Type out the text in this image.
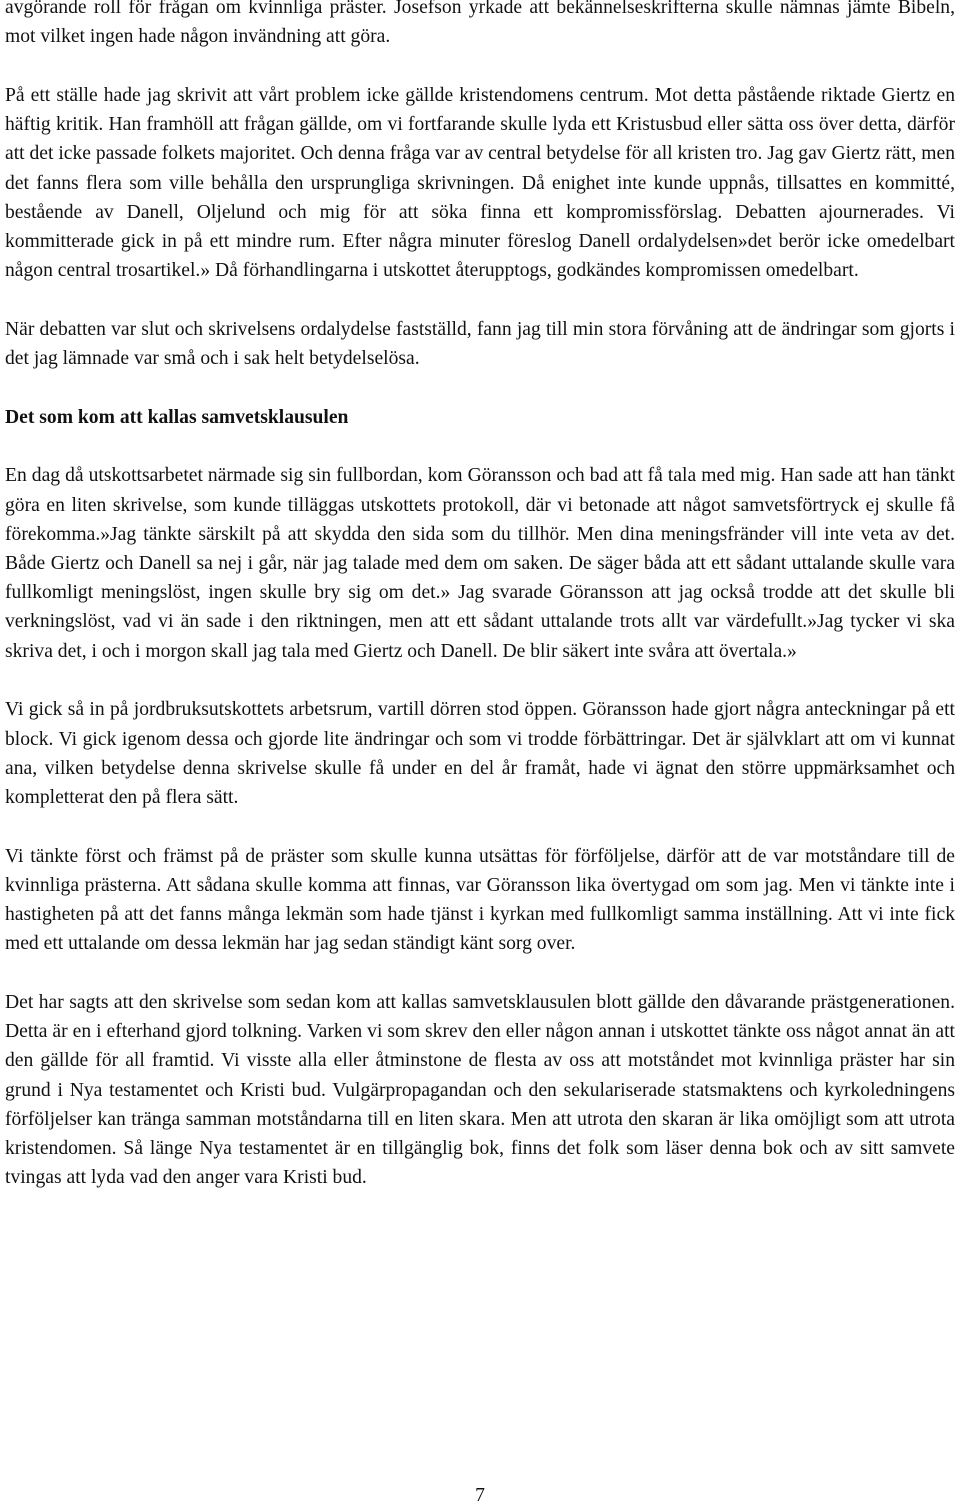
avgörande roll för frågan om kvinnliga präster. Josefson yrkade att bekännelseskrifterna skulle nämnas jämte Bibeln, mot vilket ingen hade någon invändning att göra.

På ett ställe hade jag skrivit att vårt problem icke gällde kristendomens centrum. Mot detta påstående riktade Giertz en häftig kritik. Han framhöll att frågan gällde, om vi fortfarande skulle lyda ett Kristusbud eller sätta oss över detta, därför att det icke passade folkets majoritet. Och denna fråga var av central betydelse för all kristen tro. Jag gav Giertz rätt, men det fanns flera som ville behålla den ursprungliga skrivningen. Då enighet inte kunde uppnås, tillsattes en kommitté, bestående av Danell, Oljelund och mig för att söka finna ett kompromissförslag. Debatten ajournerades. Vi kommitterade gick in på ett mindre rum. Efter några minuter föreslog Danell ordalydelsen»det berör icke omedelbart någon central trosartikel.» Då förhandlingarna i utskottet återupptogs, godkändes kompromissen omedelbart.

När debatten var slut och skrivelsens ordalydelse fastställd, fann jag till min stora förvåning att de ändringar som gjorts i det jag lämnade var små och i sak helt betydelselösa.

Det som kom att kallas samvetsklausulen

En dag då utskottsarbetet närmade sig sin fullbordan, kom Göransson och bad att få tala med mig. Han sade att han tänkt göra en liten skrivelse, som kunde tilläggas utskottets protokoll, där vi betonade att något samvetsförtryck ej skulle få förekomma.»Jag tänkte särskilt på att skydda den sida som du tillhör. Men dina meningsfränder vill inte veta av det. Både Giertz och Danell sa nej i går, när jag talade med dem om saken. De säger båda att ett sådant uttalande skulle vara fullkomligt meningslöst, ingen skulle bry sig om det.» Jag svarade Göransson att jag också trodde att det skulle bli verkningslöst, vad vi än sade i den riktningen, men att ett sådant uttalande trots allt var värdefullt.»Jag tycker vi ska skriva det, i och i morgon skall jag tala med Giertz och Danell. De blir säkert inte svåra att övertala.»

Vi gick så in på jordbruksutskottets arbetsrum, vartill dörren stod öppen. Göransson hade gjort några anteckningar på ett block. Vi gick igenom dessa och gjorde lite ändringar och som vi trodde förbättringar. Det är självklart att om vi kunnat ana, vilken betydelse denna skrivelse skulle få under en del år framåt, hade vi ägnat den större uppmärksamhet och kompletterat den på flera sätt.

Vi tänkte först och främst på de präster som skulle kunna utsättas för förföljelse, därför att de var motståndare till de kvinnliga prästerna. Att sådana skulle komma att finnas, var Göransson lika övertygad om som jag. Men vi tänkte inte i hastigheten på att det fanns många lekmän som hade tjänst i kyrkan med fullkomligt samma inställning. Att vi inte fick med ett uttalande om dessa lekmän har jag sedan ständigt känt sorg over.

Det har sagts att den skrivelse som sedan kom att kallas samvetsklausulen blott gällde den dåvarande prästgenerationen. Detta är en i efterhand gjord tolkning. Varken vi som skrev den eller någon annan i utskottet tänkte oss något annat än att den gällde för all framtid. Vi visste alla eller åtminstone de flesta av oss att motståndet mot kvinnliga präster har sin grund i Nya testamentet och Kristi bud. Vulgärpropagandan och den sekulariserade statsmaktens och kyrkoledningens förföljelser kan tränga samman motståndarna till en liten skara. Men att utrota den skaran är lika omöjligt som att utrota kristendomen. Så länge Nya testamentet är en tillgänglig bok, finns det folk som läser denna bok och av sitt samvete tvingas att lyda vad den anger vara Kristi bud.

7
